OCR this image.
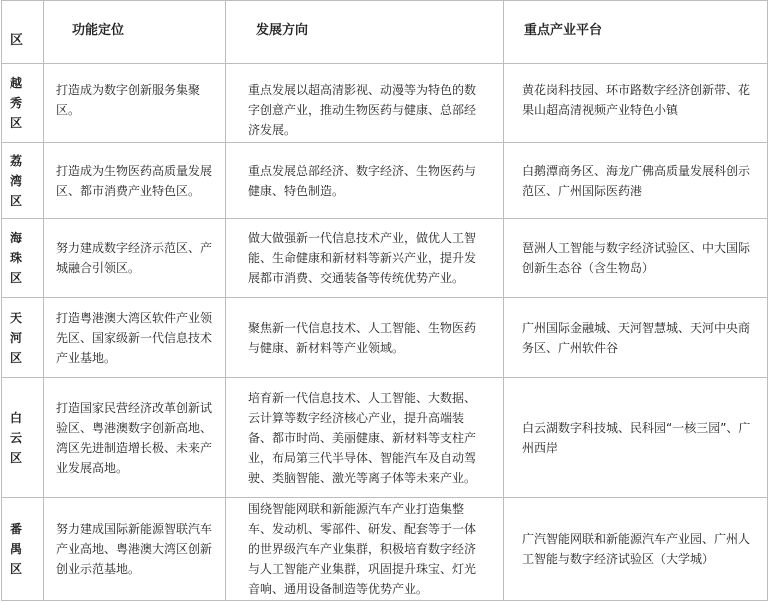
区	功能定位	发展方向	重点产业平台

越秀区	打造成为数字创新服务集聚区。	重点发展以超高清影视、动漫等为特色的数字创意产业，推动生物医药与健康、总部经济发展。	黄花岗科技园、环市路数字经济创新带、花果山超高清视频产业特色小镇

荔湾区	打造成为生物医药高质量发展区、都市消费产业特色区。	重点发展总部经济、数字经济、生物医药与健康、特色制造。	白鹅潭商务区、海龙广佛高质量发展科创示范区、广州国际医药港

海珠区	努力建成数字经济示范区、产城融合引领区。	做大做强新一代信息技术产业，做优人工智能、生命健康和新材料等新兴产业，提升发展都市消费、交通装备等传统优势产业。	琶洲人工智能与数字经济试验区、中大国际创新生态谷（含生物岛）

天河区	打造粤港澳大湾区软件产业领先区、国家级新一代信息技术产业基地。	聚焦新一代信息技术、人工智能、生物医药与健康、新材料等产业领域。	广州国际金融城、天河智慧城、天河中央商务区、广州软件谷

白云区	打造国家民营经济改革创新试验区、粤港澳数字创新高地、湾区先进制造增长极、未来产业发展高地。	培育新一代信息技术、人工智能、大数据、云计算等数字经济核心产业，提升高端装备、都市时尚、美丽健康、新材料等支柱产业，布局第三代半导体、智能汽车及自动驾驶、类脑智能、激光等离子体等未来产业。	白云湖数字科技城、民科园“一核三园”、广州西岸

番禺区	努力建成国际新能源智联汽车产业高地、粤港澳大湾区创新创业示范基地。	围绕智能网联和新能源汽车产业打造集整车、发动机、零部件、研发、配套等于一体的世界级汽车产业集群，积极培育数字经济与人工智能产业集群，巩固提升珠宝、灯光音响、通用设备制造等优势产业。	广汽智能网联和新能源汽车产业园、广州人工智能与数字经济试验区（大学城）
